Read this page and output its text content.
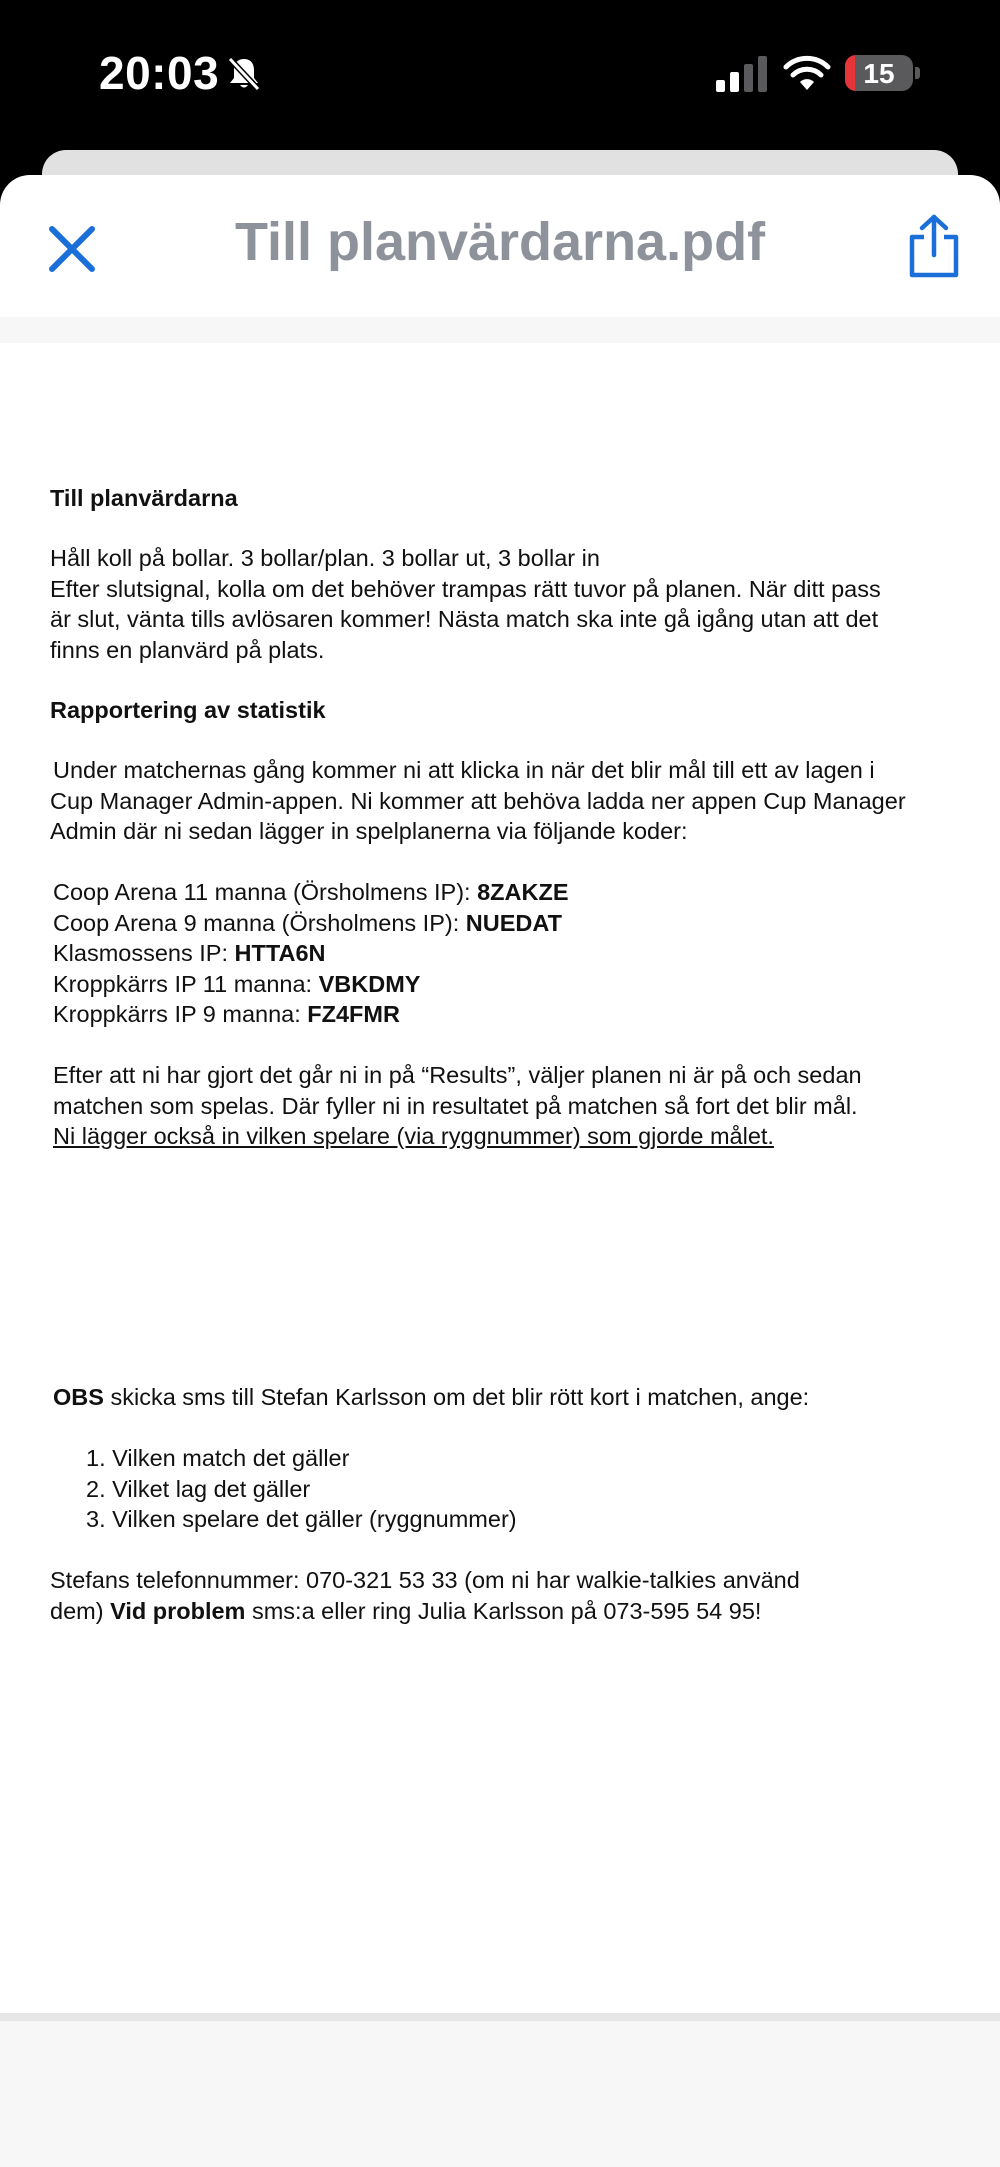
20:03	15
Till planvärdarna.pdf

Till planvärdarna

Håll koll på bollar. 3 bollar/plan. 3 bollar ut, 3 bollar in

Efter slutsignal, kolla om det behöver trampas rätt tuvor på planen. När ditt pass

är slut, vänta tills avlösaren kommer! Nästa match ska inte gå igång utan att det

finns en planvärd på plats.

Rapportering av statistik

Under matchernas gång kommer ni att klicka in när det blir mål till ett av lagen i

Cup Manager Admin-appen. Ni kommer att behöva ladda ner appen Cup Manager

Admin där ni sedan lägger in spelplanerna via följande koder:

Coop Arena 11 manna (Örsholmens IP): 8ZAKZE

Coop Arena 9 manna (Örsholmens IP): NUEDAT

Klasmossens IP: HTTA6N

Kroppkärrs IP 11 manna: VBKDMY

Kroppkärrs IP 9 manna: FZ4FMR

Efter att ni har gjort det går ni in på “Results”, väljer planen ni är på och sedan

matchen som spelas. Där fyller ni in resultatet på matchen så fort det blir mål.

Ni lägger också in vilken spelare (via ryggnummer) som gjorde målet.

OBS skicka sms till Stefan Karlsson om det blir rött kort i matchen, ange:

1. Vilken match det gäller
2. Vilket lag det gäller
3. Vilken spelare det gäller (ryggnummer)

Stefans telefonnummer: 070-321 53 33 (om ni har walkie-talkies använd

dem) Vid problem sms:a eller ring Julia Karlsson på 073-595 54 95!
